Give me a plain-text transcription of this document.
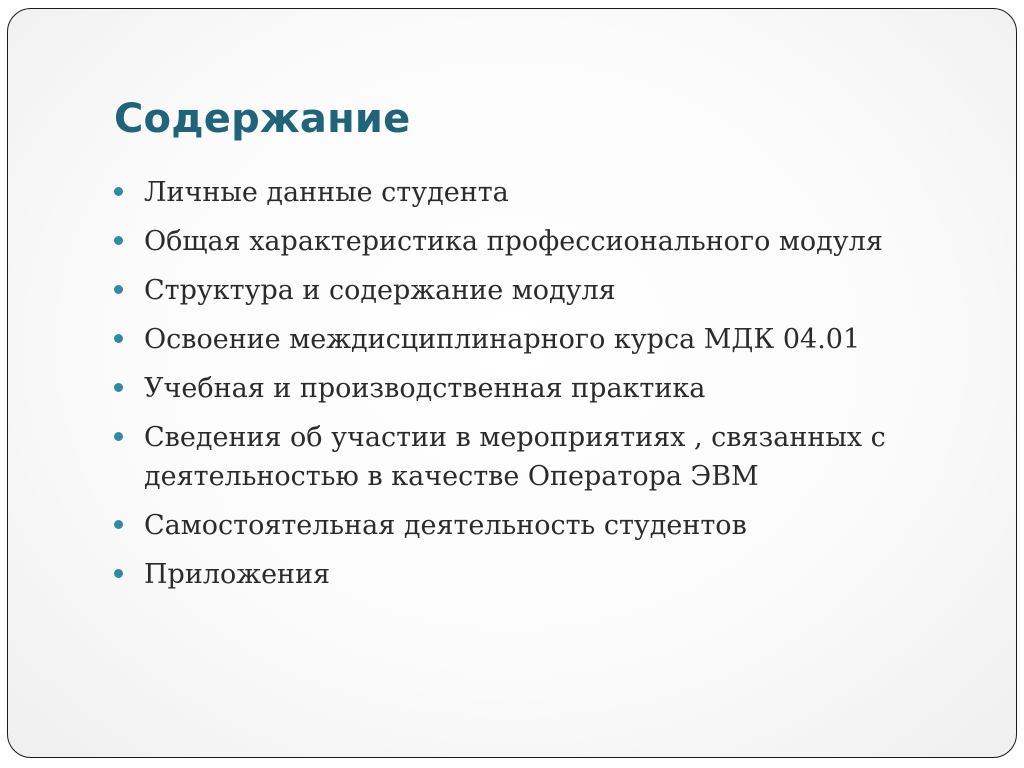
Содержание
Личные данные студента
Общая характеристика профессионального модуля
Структура и содержание модуля
Освоение междисциплинарного курса МДК 04.01
Учебная и производственная практика
Сведения об участии в мероприятиях , связанных с деятельностью в качестве Оператора ЭВМ
Самостоятельная деятельность студентов
Приложения
